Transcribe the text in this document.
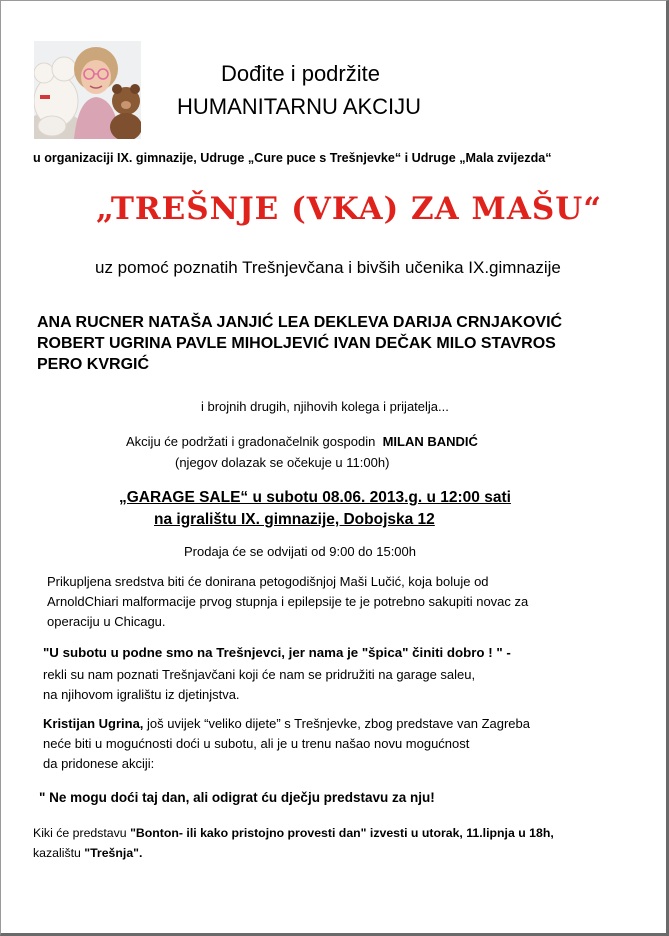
Dođite i podržite
HUMANITARNU AKCIJU
u organizaciji IX. gimnazije, Udruge „Cure puce s Trešnjevke“ i Udruge „Mala zvijezda“
„TREŠNJE (VKA) ZA MAŠU“
uz pomoć poznatih Trešnjevčana i bivših učenika IX.gimnazije
ANA RUCNER NATAŠA JANJIĆ LEA DEKLEVA DARIJA CRNJAKOVIĆ
ROBERT UGRINA PAVLE MIHOLJEVIĆ IVAN DEČAK MILO STAVROS
PERO KVRGIĆ
i brojnih drugih, njihovih kolega i prijatelja...
Akciju će podržati i gradonačelnik gospodin MILAN BANDIĆ
(njegov dolazak se očekuje u 11:00h)
„GARAGE SALE“ u subotu 08.06. 2013.g. u 12:00 sati
na igralištu IX. gimnazije, Dobojska 12
Prodaja će se odvijati od 9:00 do 15:00h
Prikupljena sredstva biti će donirana petogodišnjoj Maši Lučić, koja boluje od
ArnoldChiari malformacije prvog stupnja i epilepsije te je potrebno sakupiti novac za
operaciju u Chicagu.
"U subotu u podne smo na Trešnjevci, jer nama je "špica" činiti dobro ! " -
rekli su nam poznati Trešnjavčani koji će nam se pridružiti na garage saleu,
na njihovom igralištu iz djetinjstva.
Kristijan Ugrina, još uvijek “veliko dijete” s Trešnjevke, zbog predstave van Zagreba
neće biti u mogućnosti doći u subotu, ali je u trenu našao novu mogućnost
da pridonese akciji:
" Ne mogu doći taj dan, ali odigrat ću dječju predstavu za nju!
Kiki će predstavu "Bonton- ili kako pristojno provesti dan" izvesti u utorak, 11.lipnja u 18h,
kazalištu "Trešnja".
